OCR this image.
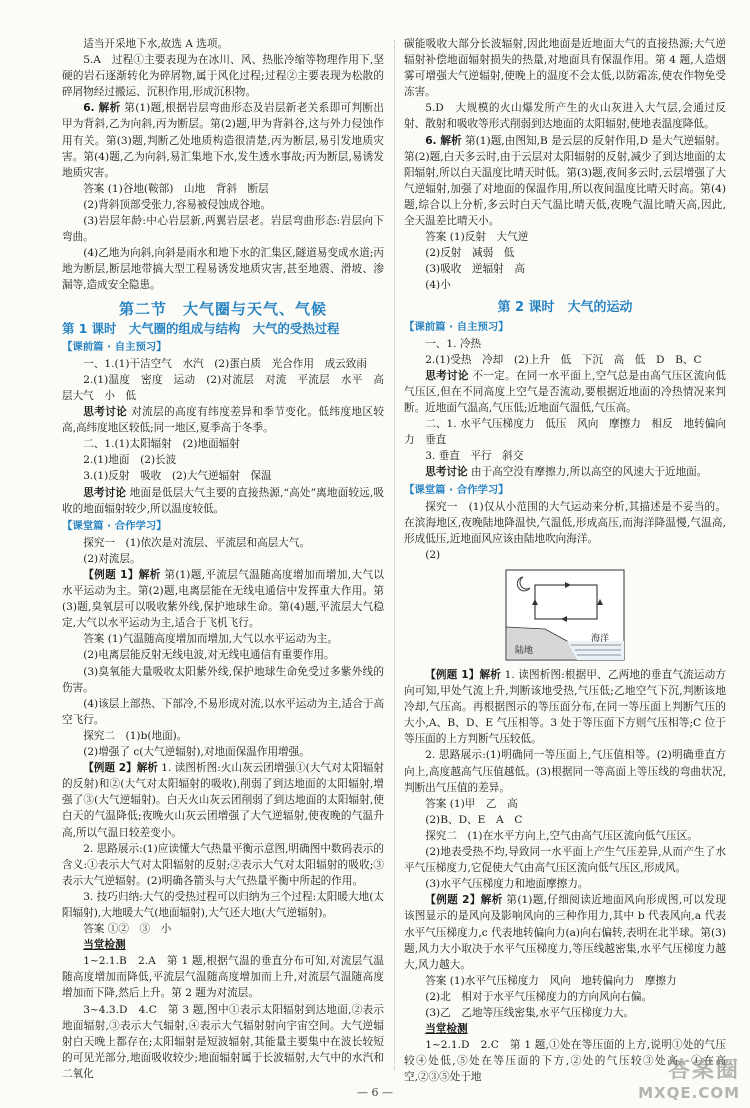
适当开采地下水,故选 A 选项。

5.A　过程①主要表现为在冰川、风、热胀冷缩等物理作用下,坚硬的岩石逐渐转化为碎屑物,属于风化过程;过程②主要表现为松散的碎屑物经过搬运、沉积作用,形成沉积物。

6. 解析 第(1)题,根据岩层弯曲形态及岩层新老关系即可判断出甲为背斜,乙为向斜,丙为断层。第(2)题,甲为背斜谷,这与外力侵蚀作用有关。第(3)题,判断乙处地质构造很清楚,丙为断层,易引发地质灾害。第(4)题,乙为向斜,易汇集地下水,发生透水事故;丙为断层,易诱发地质灾害。

答案 (1)谷地(鞍部)　山地　背斜　断层

(2)背斜顶部受张力,容易被侵蚀成谷地。

(3)岩层年龄:中心岩层新,两翼岩层老。岩层弯曲形态:岩层向下弯曲。

(4)乙地为向斜,向斜是雨水和地下水的汇集区,隧道易变成水道;丙地为断层,断层地带搞大型工程易诱发地质灾害,甚至地震、滑坡、渗漏等,造成安全隐患。

第二节　大气圈与天气、气候
第 1 课时　大气圈的组成与结构　大气的受热过程
【课前篇 · 自主预习】

一、1.(1)干洁空气　水汽　(2)蛋白质　光合作用　成云致雨

2.(1)温度　密度　运动　(2)对流层　对流　平流层　水平　高层大气　小　低

思考讨论 对流层的高度有纬度差异和季节变化。低纬度地区较高,高纬度地区较低;同一地区,夏季高于冬季。

二、1.(1)太阳辐射　(2)地面辐射

2.(1)地面　(2)长波

3.(1)反射　吸收　(2)大气逆辐射　保温

思考讨论 地面是低层大气主要的直接热源,“高处”离地面较远,吸收的地面辐射较少,所以温度较低。

【课堂篇 · 合作学习】

探究一　(1)依次是对流层、平流层和高层大气。

(2)对流层。

【例题 1】解析 第(1)题,平流层气温随高度增加而增加,大气以水平运动为主。第(2)题,电离层能在无线电通信中发挥重大作用。第(3)题,臭氧层可以吸收紫外线,保护地球生命。第(4)题,平流层大气稳定,大气以水平运动为主,适合于飞机飞行。

答案 (1)气温随高度增加而增加,大气以水平运动为主。

(2)电离层能反射无线电波,对无线电通信有重要作用。

(3)臭氧能大量吸收太阳紫外线,保护地球生命免受过多紫外线的伤害。

(4)该层上部热、下部冷,不易形成对流,以水平运动为主,适合于高空飞行。

探究二　(1)b(地面)。

(2)增强了 c(大气逆辐射),对地面保温作用增强。

【例题 2】解析 1. 读图析图:火山灰云团增强①(大气对太阳辐射的反射)和②(大气对太阳辐射的吸收),削弱了到达地面的太阳辐射,增强了③(大气逆辐射)。白天火山灰云团削弱了到达地面的太阳辐射,使白天的气温降低;夜晚火山灰云团增强了大气逆辐射,使夜晚的气温升高,所以气温日较差变小。

2. 思路展示:(1)应读懂大气热量平衡示意图,明确图中数码表示的含义:①表示大气对太阳辐射的反射;②表示大气对太阳辐射的吸收;③表示大气逆辐射。(2)明确各箭头与大气热量平衡中所起的作用。

3. 技巧归纳:大气的受热过程可以归纳为三个过程:太阳暖大地(太阳辐射),大地暖大气(地面辐射),大气还大地(大气逆辐射)。

答案 ①②　③　小

当堂检测

1~2.1.B　2.A　第 1 题,根据气温的垂直分布可知,对流层气温随高度增加而降低,平流层气温随高度增加而上升,对流层气温随高度增加而下降,然后上升。第 2 题为对流层。

3~4.3.D　4.C　第 3 题,图中①表示太阳辐射到达地面,②表示地面辐射,③表示大气辐射,④表示大气辐射射向宇宙空间。大气逆辐射白天晚上都存在;太阳辐射是短波辐射,其能量主要集中在波长较短的可见光部分,地面吸收较少;地面辐射属于长波辐射,大气中的水汽和二氧化

碳能吸收大部分长波辐射,因此地面是近地面大气的直接热源;大气逆辐射补偿地面辐射损失的热量,对地面具有保温作用。第 4 题,人造烟雾可增强大气逆辐射,使晚上的温度不会太低,以防霜冻,使农作物免受冻害。

5.D　大规模的火山爆发所产生的火山灰进入大气层,会通过反射、散射和吸收等形式削弱到达地面的太阳辐射,使地表温度降低。

6. 解析 第(1)题,由图知,B 是云层的反射作用,D 是大气逆辐射。第(2)题,白天多云时,由于云层对太阳辐射的反射,减少了到达地面的太阳辐射,所以白天温度比晴天时低。第(3)题,夜间多云时,云层增强了大气逆辐射,加强了对地面的保温作用,所以夜间温度比晴天时高。第(4)题,综合以上分析,多云时白天气温比晴天低,夜晚气温比晴天高,因此,全天温差比晴天小。

答案 (1)反射　大气逆

(2)反射　减弱　低

(3)吸收　逆辐射　高

(4)小

第 2 课时　大气的运动
【课前篇 · 自主预习】

一、1. 冷热

2.(1)受热　冷却　(2)上升　低　下沉　高　低　D　B、C

思考讨论 不一定。在同一水平面上,空气总是由高气压区流向低气压区,但在不同高度上空气是否流动,要根据近地面的冷热情况来判断。近地面气温高,气压低;近地面气温低,气压高。

二、1. 水平气压梯度力　低压　风向　摩擦力　相反　地转偏向力　垂直

3. 垂直　平行　斜交

思考讨论 由于高空没有摩擦力,所以高空的风速大于近地面。

【课堂篇 · 合作学习】

探究一　(1)仅从小范围的大气运动来分析,其描述是不妥当的。在滨海地区,夜晚陆地降温快,气温低,形成高压,而海洋降温慢,气温高,形成低压,近地面风应该由陆地吹向海洋。

(2)

陆地
海洋

【例题 1】解析 1. 读图析图:根据甲、乙两地的垂直气流运动方向可知,甲处气流上升,判断该地受热,气压低;乙地空气下沉,判断该地冷却,气压高。再根据图示的等压面分布,在同一等压面上判断气压的大小,A、B、D、E 气压相等。3 处于等压面下方则气压相等;C 位于等压面的上方判断气压较低。

2. 思路展示:(1)明确同一等压面上,气压值相等。(2)明确垂直方向上,高度越高气压值越低。(3)根据同一等高面上等压线的弯曲状况,判断出气压值的差异。

答案 (1)甲　乙　高

(2)B、D、E　A　C

探究二　(1)在水平方向上,空气由高气压区流向低气压区。

(2)地表受热不均,导致同一水平面上产生气压差异,从而产生了水平气压梯度力,它促使大气由高气压区流向低气压区,形成风。

(3)水平气压梯度力和地面摩擦力。

【例题 2】解析 第(1)题,仔细阅读近地面风向形成图,可以发现该图显示的是风向及影响风向的三种作用力,其中 b 代表风向,a 代表水平气压梯度力,c 代表地转偏向力(a)向右偏转,表明在北半球。第(3)题,风力大小取决于水平气压梯度力,等压线越密集,水平气压梯度力越大,风力越大。

答案 (1)水平气压梯度力　风向　地转偏向力　摩擦力

(2)北　相对于水平气压梯度力的方向风向右偏。

(3)乙　乙地等压线密集,水平气压梯度力大。

当堂检测

1~2.1.D　2.C　第 1 题,①处在等压面的上方,说明①处的气压较④处低,⑤处在等压面的下方,②处的气压较③处高。①在高空,②③⑤处于地

— 6 —
答案圈
MXQE.COM
